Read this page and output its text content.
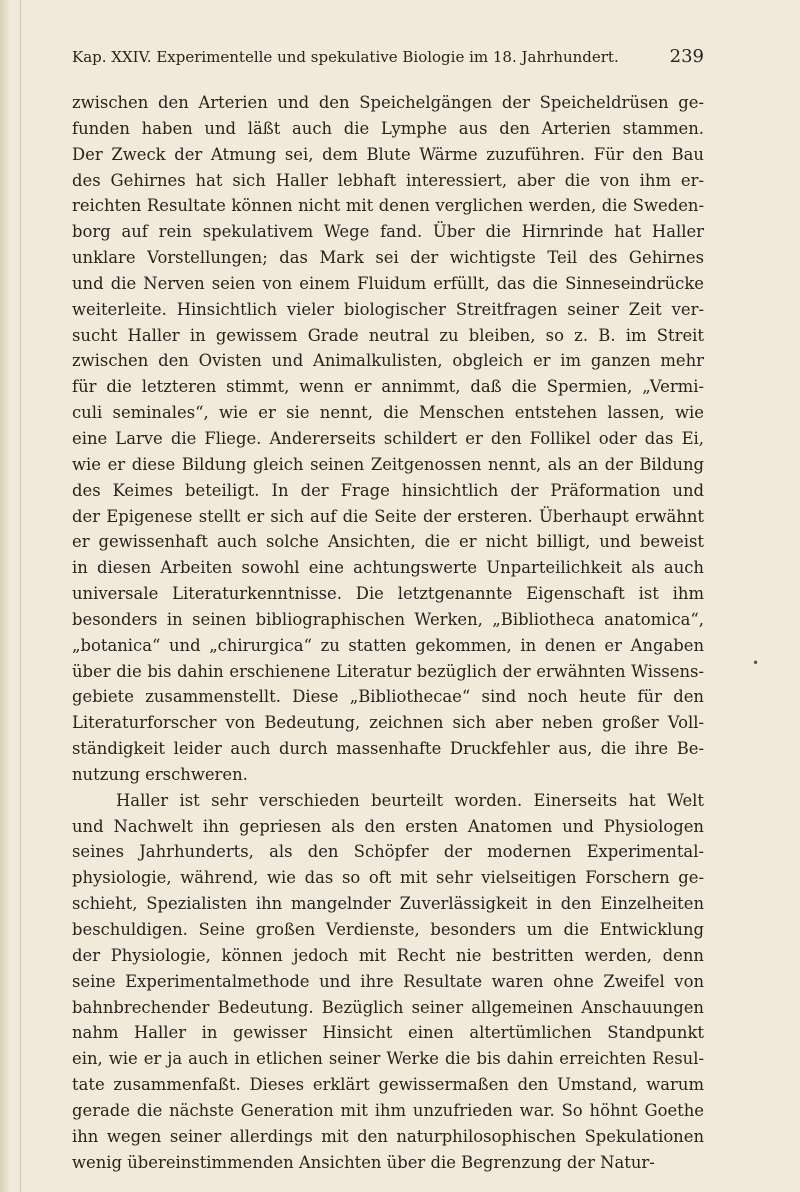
Kap. XXIV. Experimentelle und spekulative Biologie im 18. Jahrhundert.	239
zwischen den Arterien und den Speichelgängen der Speicheldrüsen ge-
funden haben und läßt auch die Lymphe aus den Arterien stammen.
Der Zweck der Atmung sei, dem Blute Wärme zuzuführen. Für den Bau
des Gehirnes hat sich Haller lebhaft interessiert, aber die von ihm er-
reichten Resultate können nicht mit denen verglichen werden, die Sweden-
borg auf rein spekulativem Wege fand. Über die Hirnrinde hat Haller
unklare Vorstellungen; das Mark sei der wichtigste Teil des Gehirnes
und die Nerven seien von einem Fluidum erfüllt, das die Sinneseindrücke
weiterleite. Hinsichtlich vieler biologischer Streitfragen seiner Zeit ver-
sucht Haller in gewissem Grade neutral zu bleiben, so z. B. im Streit
zwischen den Ovisten und Animalkulisten, obgleich er im ganzen mehr
für die letzteren stimmt, wenn er annimmt, daß die Spermien, „Vermi-
culi seminales“, wie er sie nennt, die Menschen entstehen lassen, wie
eine Larve die Fliege. Andererseits schildert er den Follikel oder das Ei,
wie er diese Bildung gleich seinen Zeitgenossen nennt, als an der Bildung
des Keimes beteiligt. In der Frage hinsichtlich der Präformation und
der Epigenese stellt er sich auf die Seite der ersteren. Überhaupt erwähnt
er gewissenhaft auch solche Ansichten, die er nicht billigt, und beweist
in diesen Arbeiten sowohl eine achtungswerte Unparteilichkeit als auch
universale Literaturkenntnisse. Die letztgenannte Eigenschaft ist ihm
besonders in seinen bibliographischen Werken, „Bibliotheca anatomica“,
„botanica“ und „chirurgica“ zu statten gekommen, in denen er Angaben
über die bis dahin erschienene Literatur bezüglich der erwähnten Wissens-
gebiete zusammenstellt. Diese „Bibliothecae“ sind noch heute für den
Literaturforscher von Bedeutung, zeichnen sich aber neben großer Voll-
ständigkeit leider auch durch massenhafte Druckfehler aus, die ihre Be-
nutzung erschweren.
Haller ist sehr verschieden beurteilt worden. Einerseits hat Welt
und Nachwelt ihn gepriesen als den ersten Anatomen und Physiologen
seines Jahrhunderts, als den Schöpfer der modernen Experimental-
physiologie, während, wie das so oft mit sehr vielseitigen Forschern ge-
schieht, Spezialisten ihn mangelnder Zuverlässigkeit in den Einzelheiten
beschuldigen. Seine großen Verdienste, besonders um die Entwicklung
der Physiologie, können jedoch mit Recht nie bestritten werden, denn
seine Experimentalmethode und ihre Resultate waren ohne Zweifel von
bahnbrechender Bedeutung. Bezüglich seiner allgemeinen Anschauungen
nahm Haller in gewisser Hinsicht einen altertümlichen Standpunkt
ein, wie er ja auch in etlichen seiner Werke die bis dahin erreichten Resul-
tate zusammenfaßt. Dieses erklärt gewissermaßen den Umstand, warum
gerade die nächste Generation mit ihm unzufrieden war. So höhnt Goethe
ihn wegen seiner allerdings mit den naturphilosophischen Spekulationen
wenig übereinstimmenden Ansichten über die Begrenzung der Natur-
•
